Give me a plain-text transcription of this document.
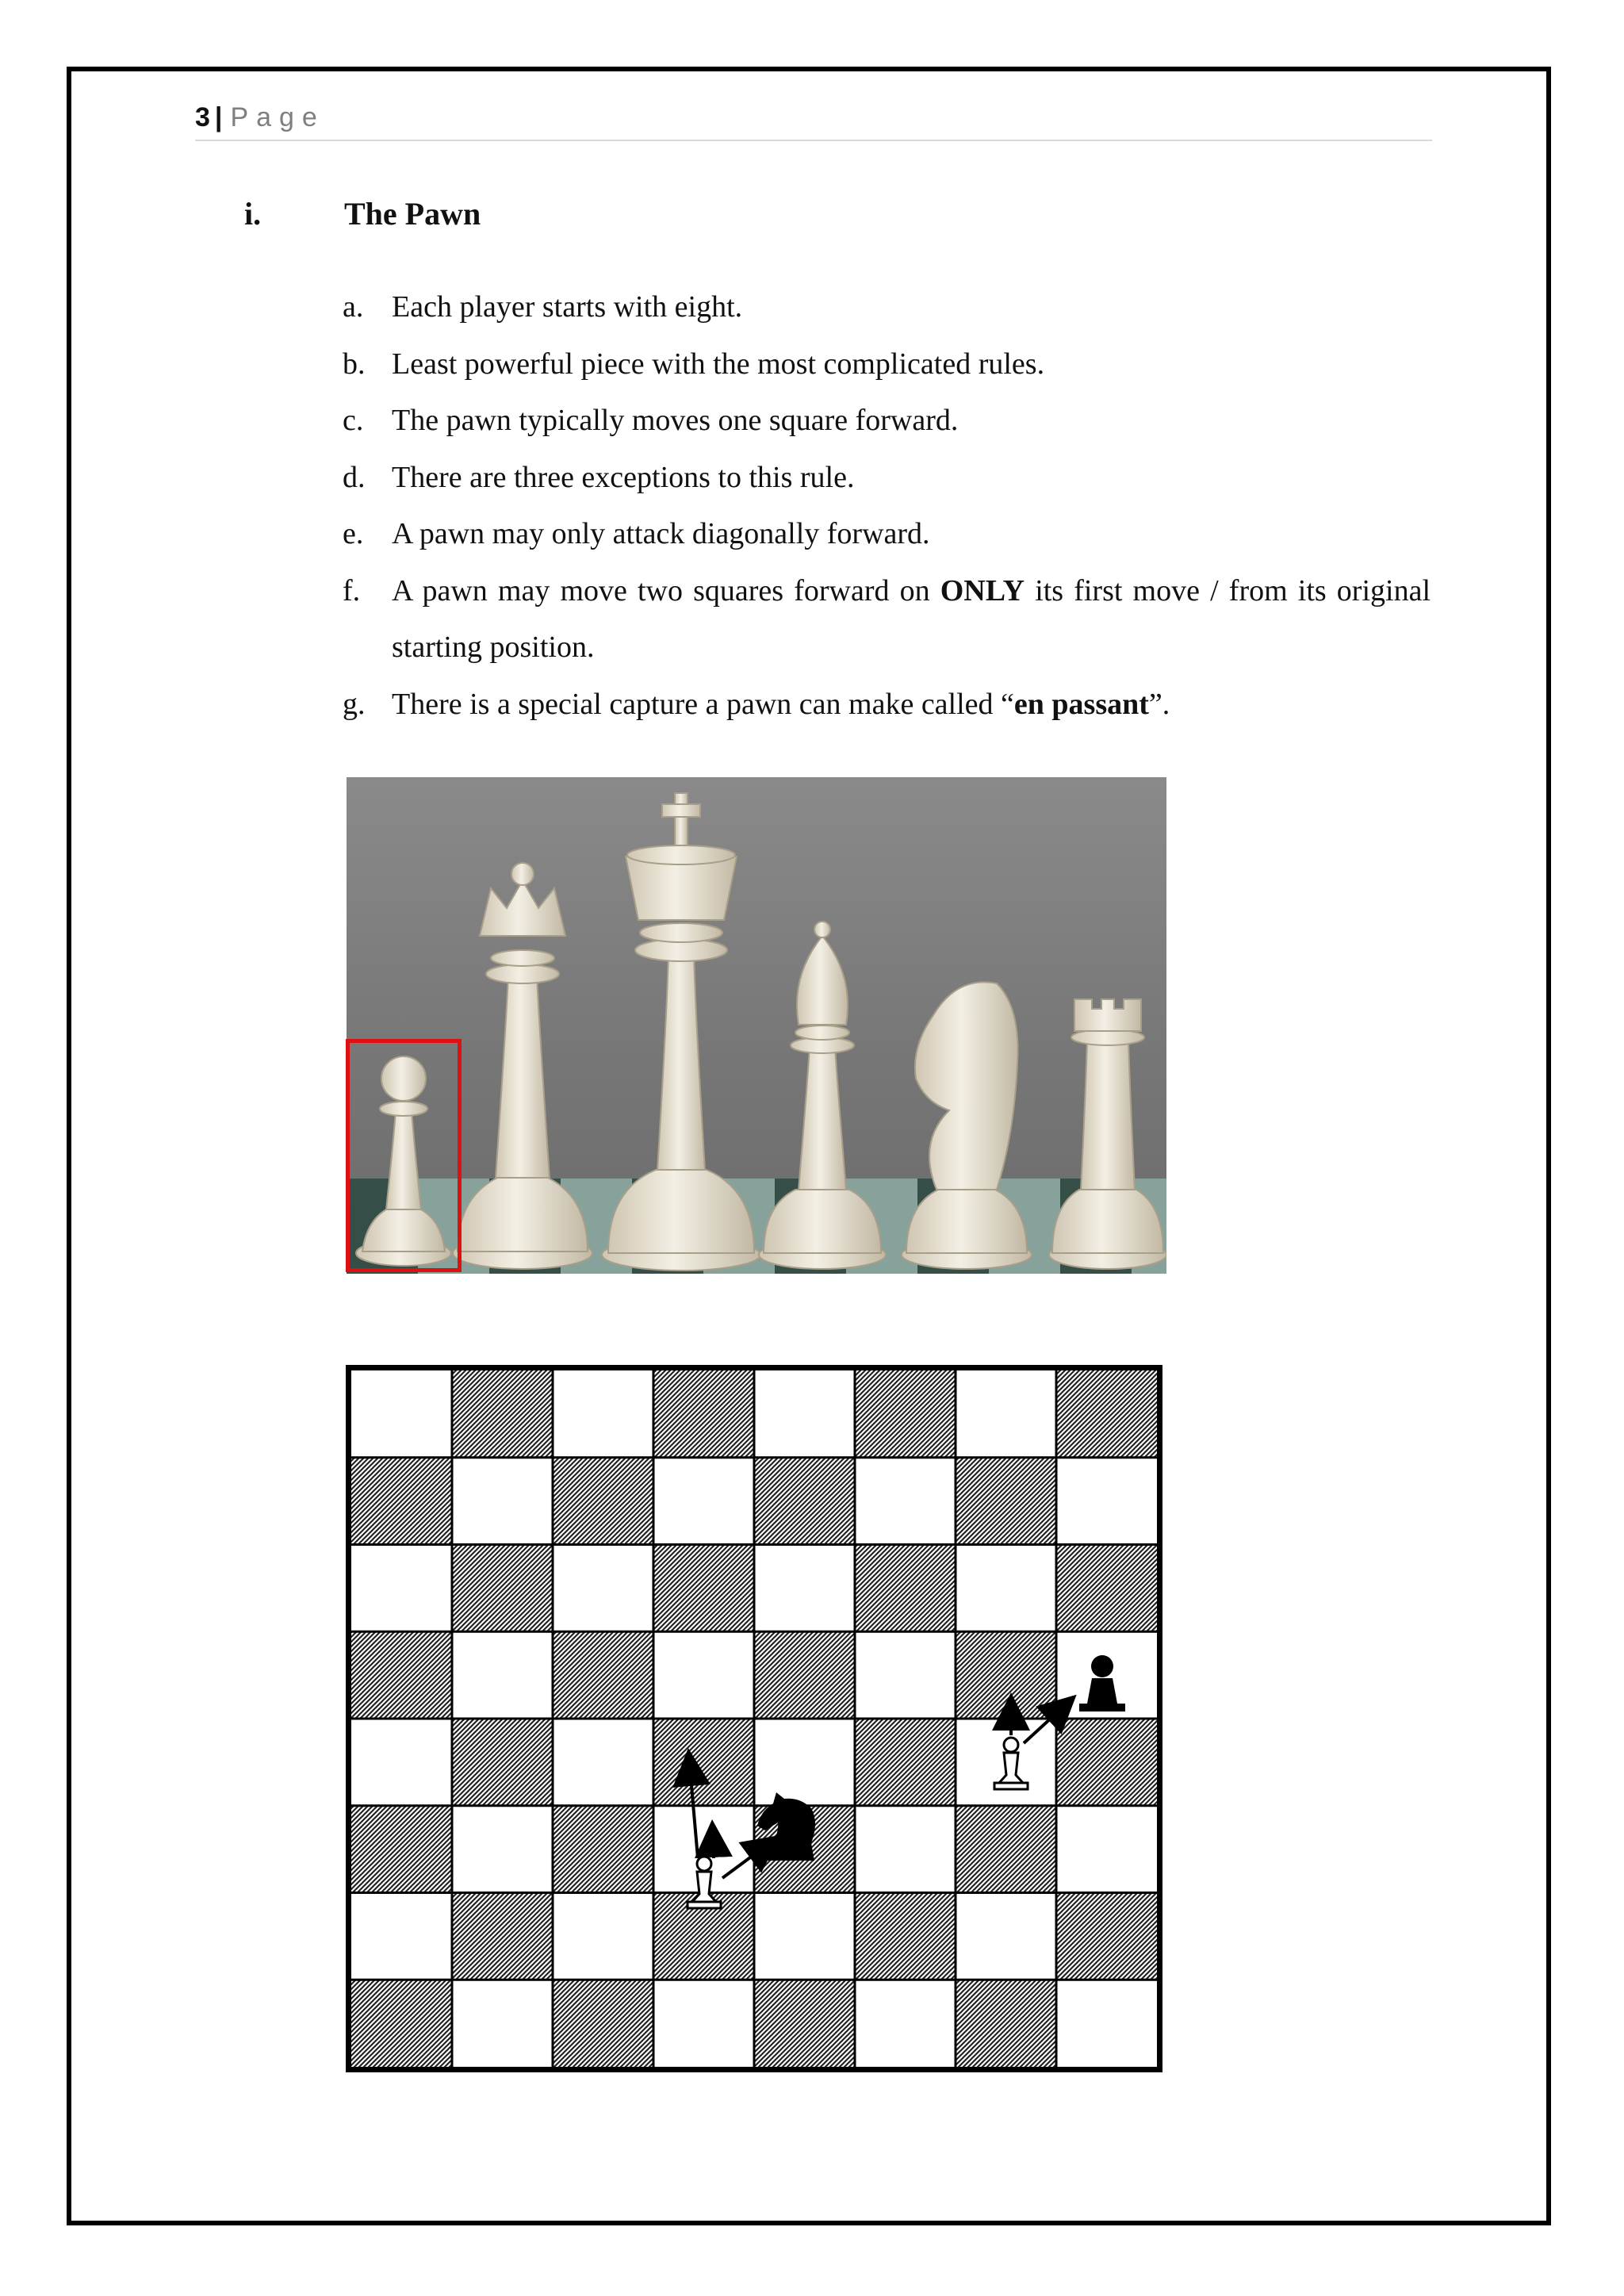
3 | Page
i.	The Pawn
a. Each player starts with eight.
b. Least powerful piece with the most complicated rules.
c. The pawn typically moves one square forward.
d. There are three exceptions to this rule.
e. A pawn may only attack diagonally forward.
f. A pawn may move two squares forward on ONLY its first move / from its original starting position.
g. There is a special capture a pawn can make called “en passant”.
